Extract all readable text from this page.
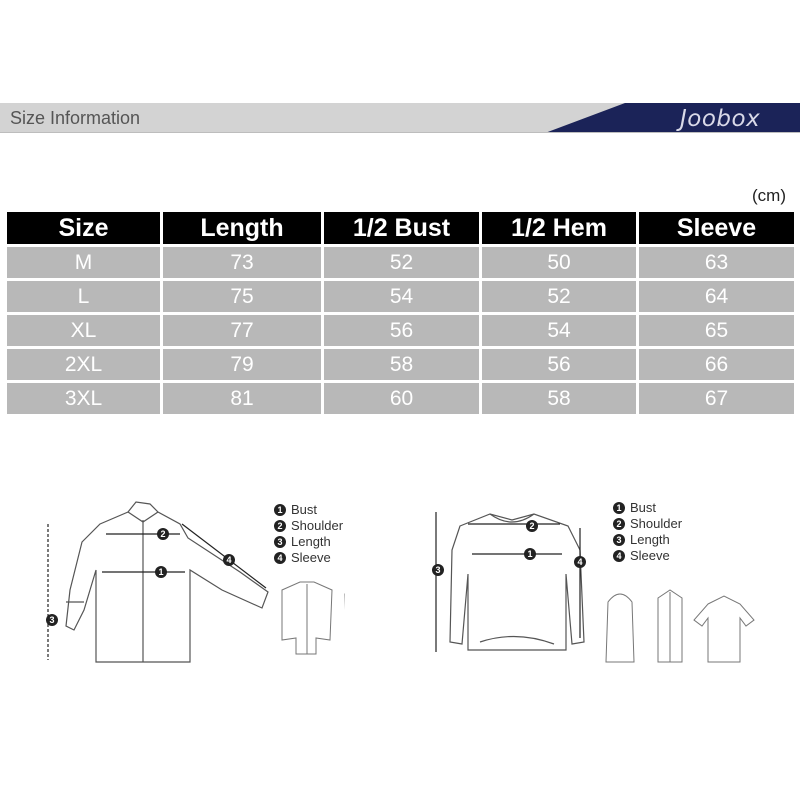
Size Information	Joobox
(cm)
Size	Length	1/2 Bust	1/2 Hem	Sleeve
M	73	52	50	63
L	75	54	52	64
XL	77	56	54	65
2XL	79	58	56	66
3XL	81	60	58	67
1
2
3
4
1 Bust
2 Shoulder
3 Length
4 Sleeve	1
2
3
4
1 Bust
2 Shoulder
3 Length
4 Sleeve
